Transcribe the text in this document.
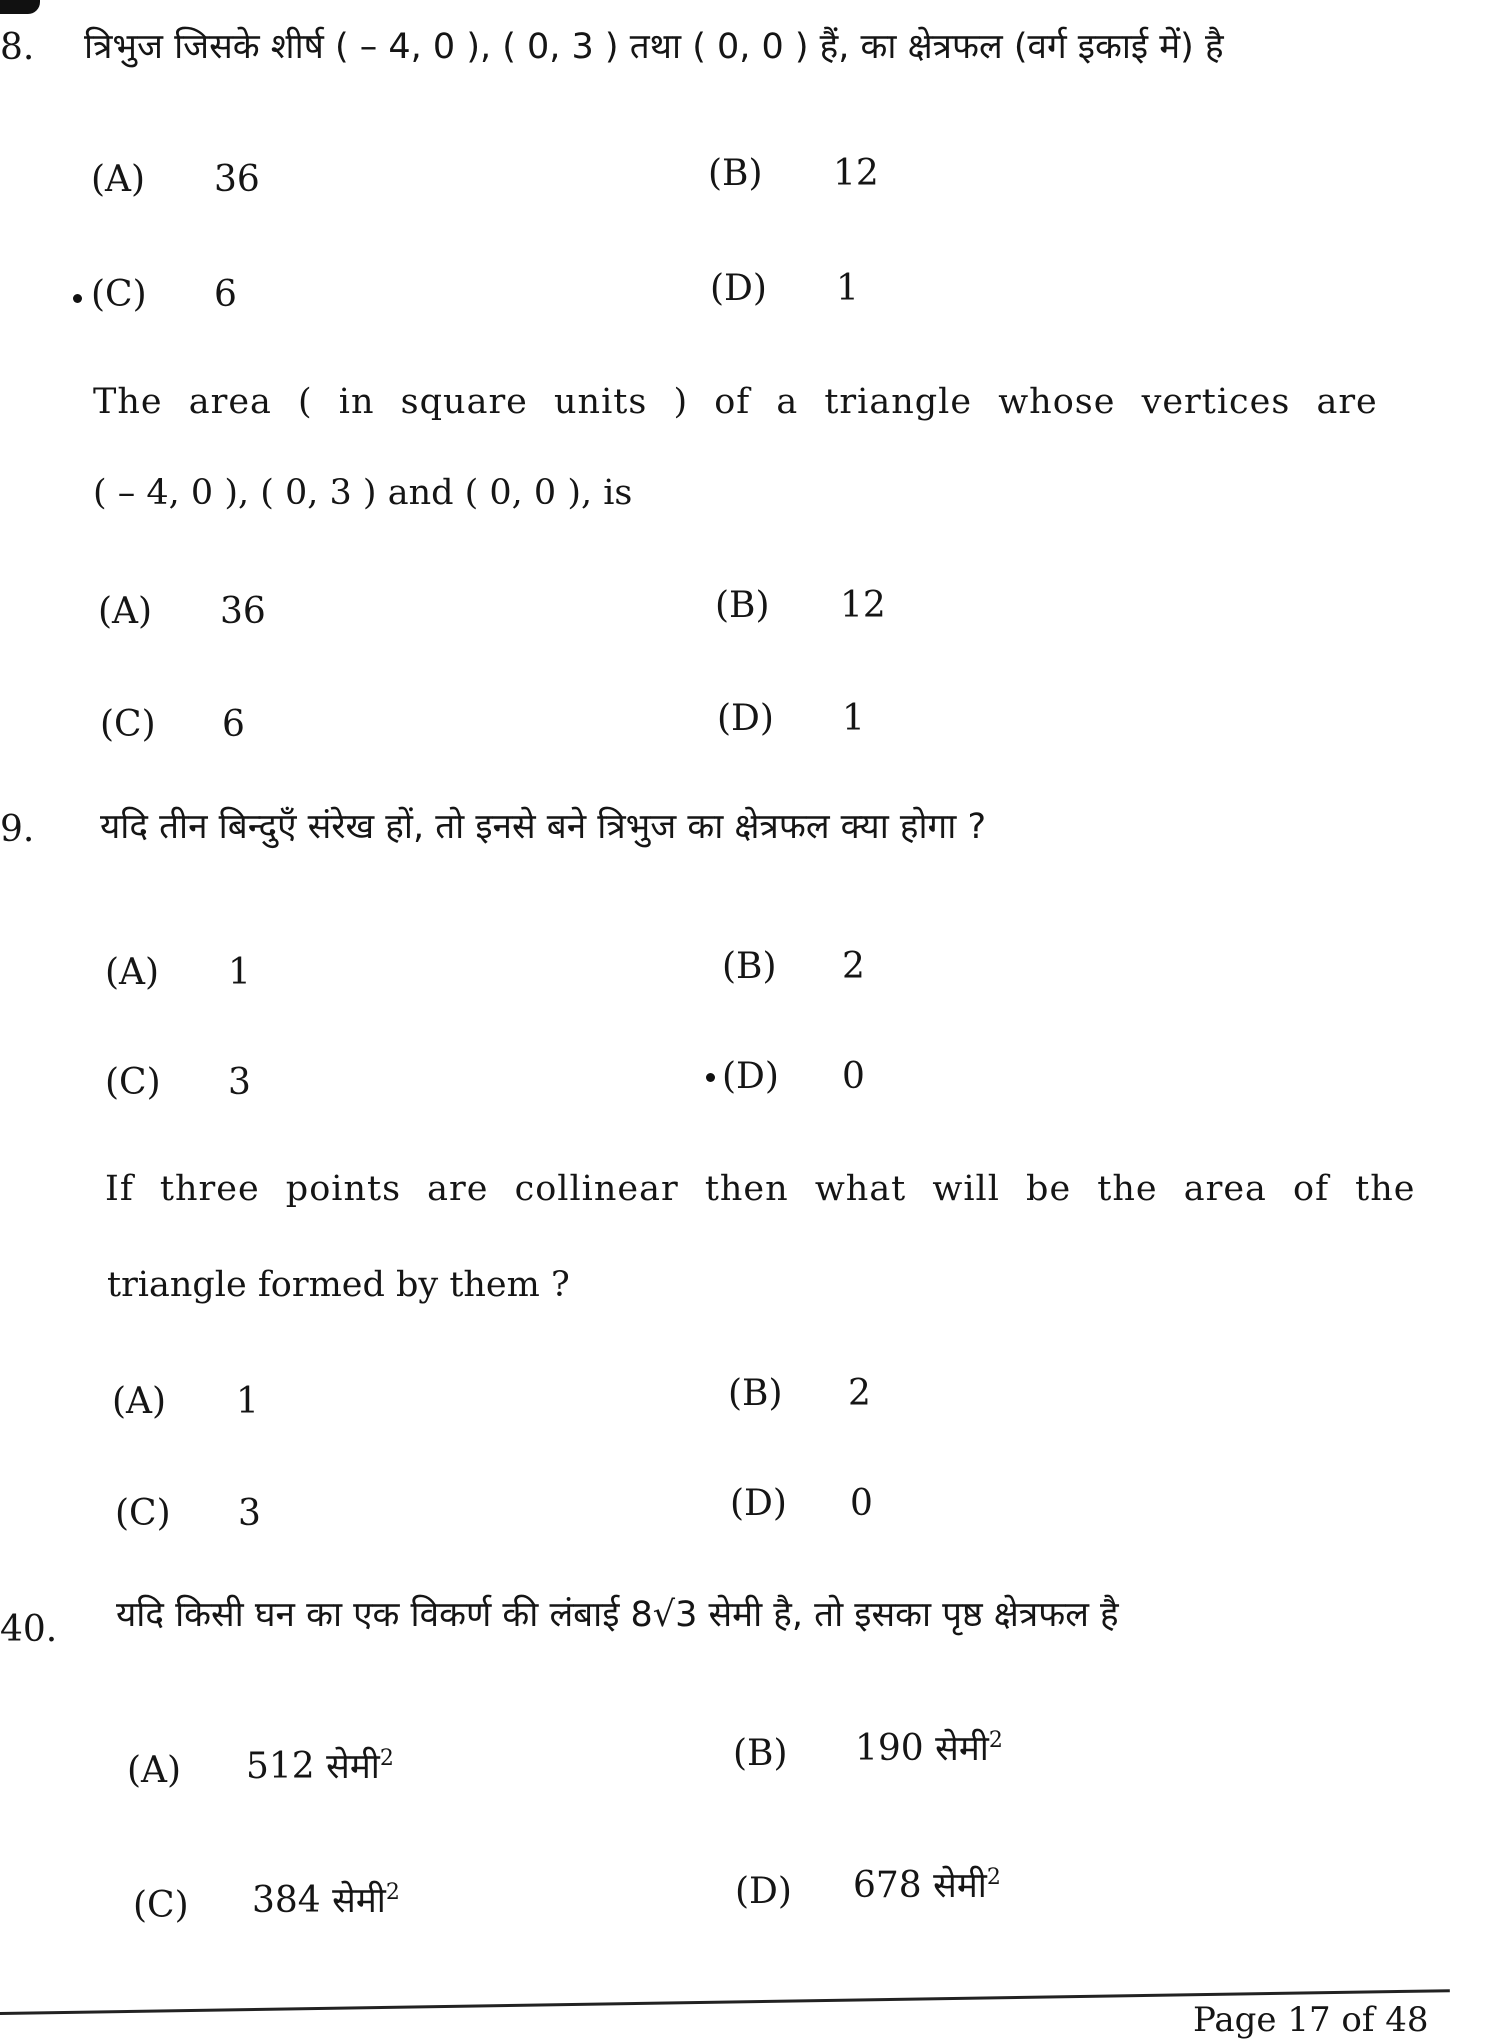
8. त्रिभुज जिसके शीर्ष ( – 4, 0 ), ( 0, 3 ) तथा ( 0, 0 ) हैं, का क्षेत्रफल (वर्ग इकाई में) है
(A) 36	(B) 12
(C) 6	(D) 1
The area ( in square units ) of a triangle whose vertices are
( – 4, 0 ), ( 0, 3 ) and ( 0, 0 ), is
(A) 36	(B) 12
(C) 6	(D) 1
9. यदि तीन बिन्दुएँ संरेख हों, तो इनसे बने त्रिभुज का क्षेत्रफल क्या होगा ?
(A) 1	(B) 2
(C) 3	(D) 0
If three points are collinear then what will be the area of the
triangle formed by them ?
(A) 1	(B) 2
(C) 3	(D) 0
40. यदि किसी घन का एक विकर्ण की लंबाई 8√3 सेमी है, तो इसका पृष्ठ क्षेत्रफल है
(A) 512 सेमी$^2$	(B) 190 सेमी$^2$
(C) 384 सेमी$^2$	(D) 678 सेमी$^2$
Page 17 of 48
